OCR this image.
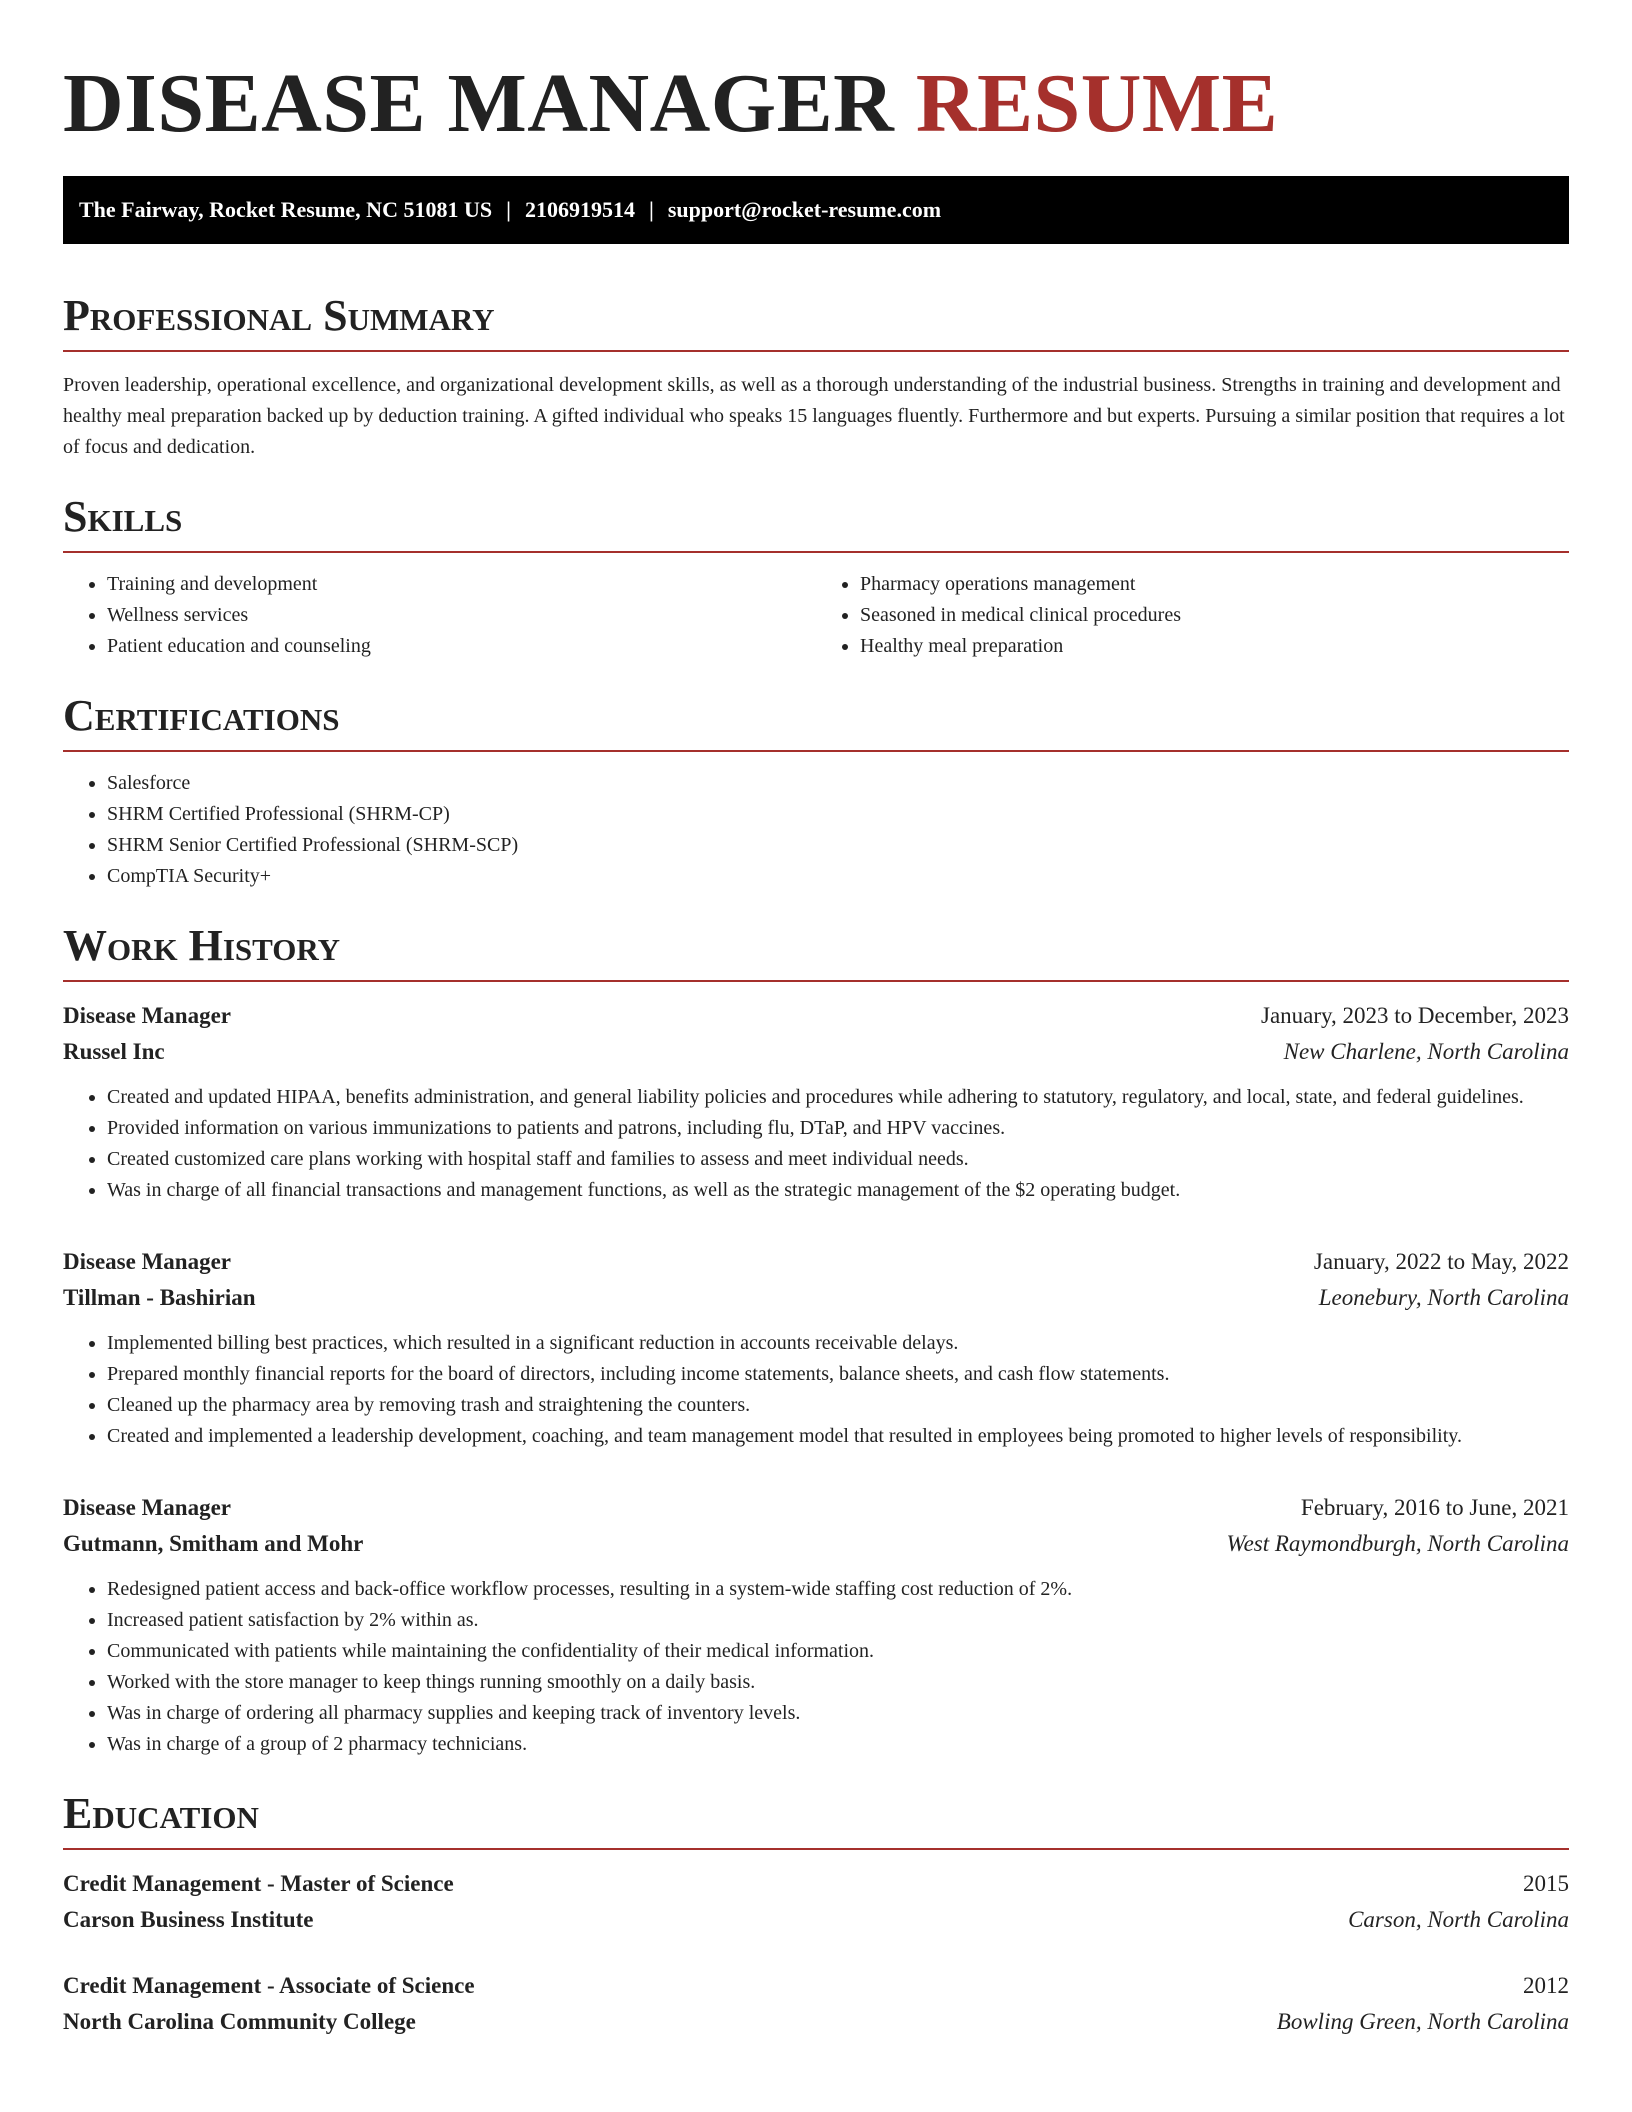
DISEASE MANAGER RESUME
The Fairway, Rocket Resume, NC 51081 US | 2106919514 | support@rocket-resume.com
Professional Summary

Proven leadership, operational excellence, and organizational development skills, as well as a thorough understanding of the industrial business. Strengths in training and development and healthy meal preparation backed up by deduction training. A gifted individual who speaks 15 languages fluently. Furthermore and but experts. Pursuing a similar position that requires a lot of focus and dedication.

Skills
• Training and development
• Wellness services
• Patient education and counseling
• Pharmacy operations management
• Seasoned in medical clinical procedures
• Healthy meal preparation
Certifications
• Salesforce
• SHRM Certified Professional (SHRM-CP)
• SHRM Senior Certified Professional (SHRM-SCP)
• CompTIA Security+
Work History
Disease Manager	January, 2023 to December, 2023
Russel Inc	New Charlene, North Carolina
• Created and updated HIPAA, benefits administration, and general liability policies and procedures while adhering to statutory, regulatory, and local, state, and federal guidelines.
• Provided information on various immunizations to patients and patrons, including flu, DTaP, and HPV vaccines.
• Created customized care plans working with hospital staff and families to assess and meet individual needs.
• Was in charge of all financial transactions and management functions, as well as the strategic management of the $2 operating budget.
Disease Manager	January, 2022 to May, 2022
Tillman - Bashirian	Leonebury, North Carolina
• Implemented billing best practices, which resulted in a significant reduction in accounts receivable delays.
• Prepared monthly financial reports for the board of directors, including income statements, balance sheets, and cash flow statements.
• Cleaned up the pharmacy area by removing trash and straightening the counters.
• Created and implemented a leadership development, coaching, and team management model that resulted in employees being promoted to higher levels of responsibility.
Disease Manager	February, 2016 to June, 2021
Gutmann, Smitham and Mohr	West Raymondburgh, North Carolina
• Redesigned patient access and back-office workflow processes, resulting in a system-wide staffing cost reduction of 2%.
• Increased patient satisfaction by 2% within as.
• Communicated with patients while maintaining the confidentiality of their medical information.
• Worked with the store manager to keep things running smoothly on a daily basis.
• Was in charge of ordering all pharmacy supplies and keeping track of inventory levels.
• Was in charge of a group of 2 pharmacy technicians.
Education
Credit Management - Master of Science	2015
Carson Business Institute	Carson, North Carolina
Credit Management - Associate of Science	2012
North Carolina Community College	Bowling Green, North Carolina
